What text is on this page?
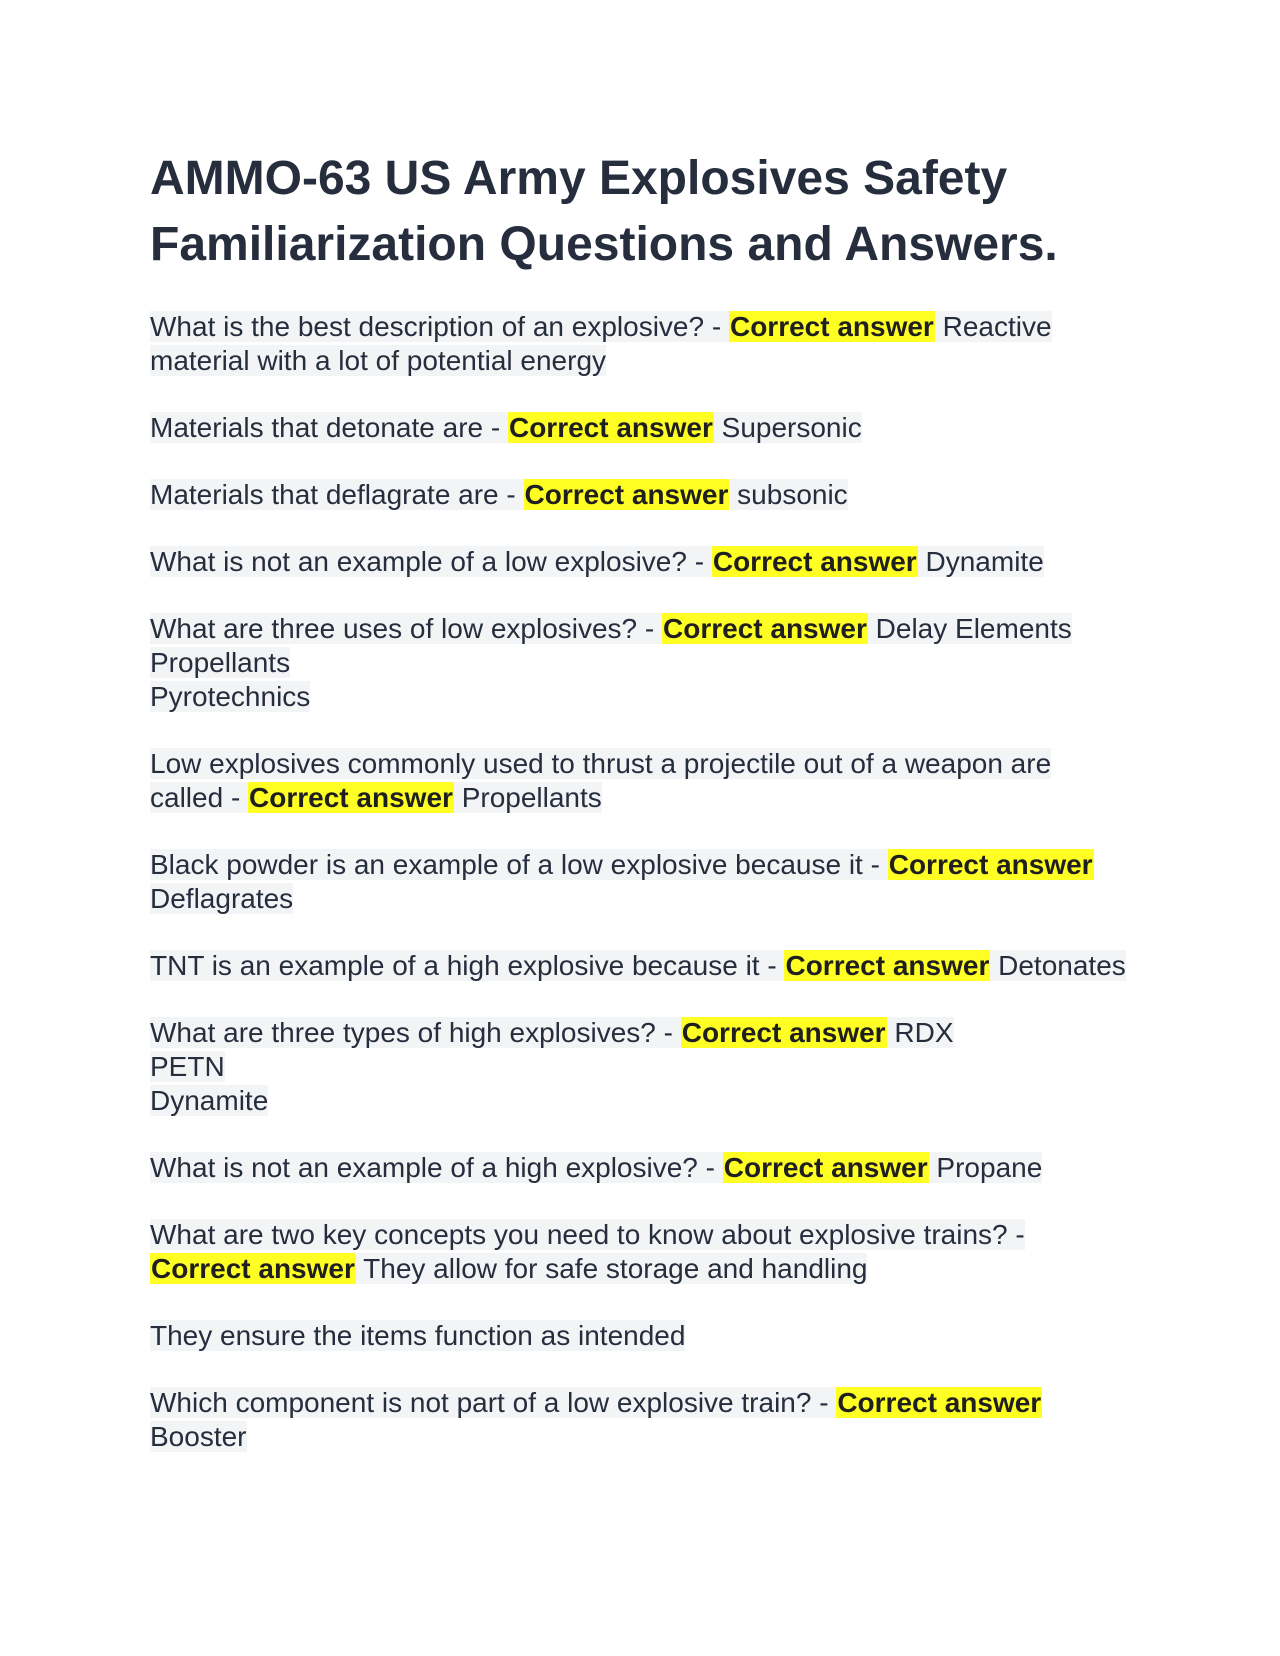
AMMO-63 US Army Explosives Safety Familiarization Questions and Answers.

What is the best description of an explosive? - Correct answer Reactive material with a lot of potential energy

Materials that detonate are - Correct answer Supersonic

Materials that deflagrate are - Correct answer subsonic

What is not an example of a low explosive? - Correct answer Dynamite

What are three uses of low explosives? - Correct answer Delay Elements
Propellants
Pyrotechnics

Low explosives commonly used to thrust a projectile out of a weapon are called - Correct answer Propellants

Black powder is an example of a low explosive because it - Correct answer Deflagrates

TNT is an example of a high explosive because it - Correct answer Detonates

What are three types of high explosives? - Correct answer RDX
PETN
Dynamite

What is not an example of a high explosive? - Correct answer Propane

What are two key concepts you need to know about explosive trains? - Correct answer They allow for safe storage and handling

They ensure the items function as intended

Which component is not part of a low explosive train? - Correct answer Booster
